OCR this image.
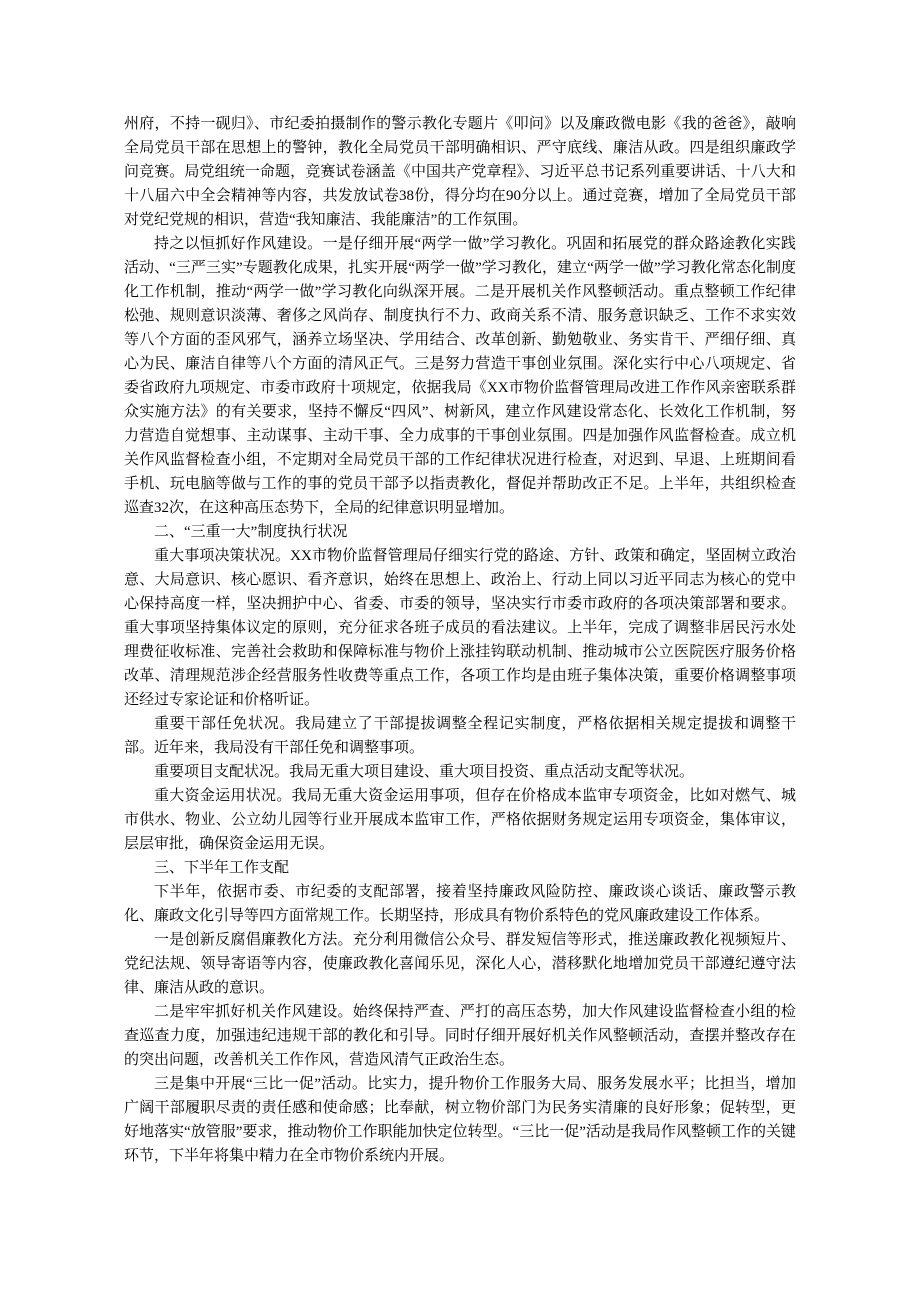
州府，不持一砚归》、市纪委拍摄制作的警示教化专题片《叩问》以及廉政微电影《我的爸爸》，敲响全局党员干部在思想上的警钟，教化全局党员干部明确相识、严守底线、廉洁从政。四是组织廉政学问竞赛。局党组统一命题，竞赛试卷涵盖《中国共产党章程》、习近平总书记系列重要讲话、十八大和十八届六中全会精神等内容，共发放试卷38份，得分均在90分以上。通过竞赛，增加了全局党员干部对党纪党规的相识，营造“我知廉洁、我能廉洁”的工作氛围。

持之以恒抓好作风建设。一是仔细开展“两学一做”学习教化。巩固和拓展党的群众路途教化实践活动、“三严三实”专题教化成果，扎实开展“两学一做”学习教化，建立“两学一做”学习教化常态化制度化工作机制，推动“两学一做”学习教化向纵深开展。二是开展机关作风整顿活动。重点整顿工作纪律松弛、规则意识淡薄、奢侈之风尚存、制度执行不力、政商关系不清、服务意识缺乏、工作不求实效等八个方面的歪风邪气，涵养立场坚决、学用结合、改革创新、勤勉敬业、务实肯干、严细仔细、真心为民、廉洁自律等八个方面的清风正气。三是努力营造干事创业氛围。深化实行中心八项规定、省委省政府九项规定、市委市政府十项规定，依据我局《XX市物价监督管理局改进工作作风亲密联系群众实施方法》的有关要求，坚持不懈反“四风”、树新风，建立作风建设常态化、长效化工作机制，努力营造自觉想事、主动谋事、主动干事、全力成事的干事创业氛围。四是加强作风监督检查。成立机关作风监督检查小组，不定期对全局党员干部的工作纪律状况进行检查，对迟到、早退、上班期间看手机、玩电脑等做与工作的事的党员干部予以指责教化，督促并帮助改正不足。上半年，共组织检查巡查32次，在这种高压态势下，全局的纪律意识明显增加。

二、“三重一大”制度执行状况

重大事项决策状况。XX市物价监督管理局仔细实行党的路途、方针、政策和确定，坚固树立政治意、大局意识、核心愿识、看齐意识，始终在思想上、政治上、行动上同以习近平同志为核心的党中心保持高度一样，坚决拥护中心、省委、市委的领导，坚决实行市委市政府的各项决策部署和要求。重大事项坚持集体议定的原则，充分征求各班子成员的看法建议。上半年，完成了调整非居民污水处理费征收标准、完善社会救助和保障标准与物价上涨挂钩联动机制、推动城市公立医院医疗服务价格改革、清理规范涉企经营服务性收费等重点工作，各项工作均是由班子集体决策，重要价格调整事项还经过专家论证和价格听证。

重要干部任免状况。我局建立了干部提拔调整全程记实制度，严格依据相关规定提拔和调整干部。近年来，我局没有干部任免和调整事项。

重要项目支配状况。我局无重大项目建设、重大项目投资、重点活动支配等状况。

重大资金运用状况。我局无重大资金运用事项，但存在价格成本监审专项资金，比如对燃气、城市供水、物业、公立幼儿园等行业开展成本监审工作，严格依据财务规定运用专项资金，集体审议，层层审批，确保资金运用无误。

三、下半年工作支配

下半年，依据市委、市纪委的支配部署，接着坚持廉政风险防控、廉政谈心谈话、廉政警示教化、廉政文化引导等四方面常规工作。长期坚持，形成具有物价系特色的党风廉政建设工作体系。

一是创新反腐倡廉教化方法。充分利用微信公众号、群发短信等形式，推送廉政教化视频短片、党纪法规、领导寄语等内容，使廉政教化喜闻乐见，深化人心，潜移默化地增加党员干部遵纪遵守法律、廉洁从政的意识。

二是牢牢抓好机关作风建设。始终保持严查、严打的高压态势，加大作风建设监督检查小组的检查巡查力度，加强违纪违规干部的教化和引导。同时仔细开展好机关作风整顿活动，查摆并整改存在的突出问题，改善机关工作作风，营造风清气正政治生态。

三是集中开展“三比一促”活动。比实力，提升物价工作服务大局、服务发展水平；比担当，增加广阔干部履职尽责的责任感和使命感；比奉献，树立物价部门为民务实清廉的良好形象；促转型，更好地落实“放管服”要求，推动物价工作职能加快定位转型。“三比一促”活动是我局作风整顿工作的关键环节，下半年将集中精力在全市物价系统内开展。
